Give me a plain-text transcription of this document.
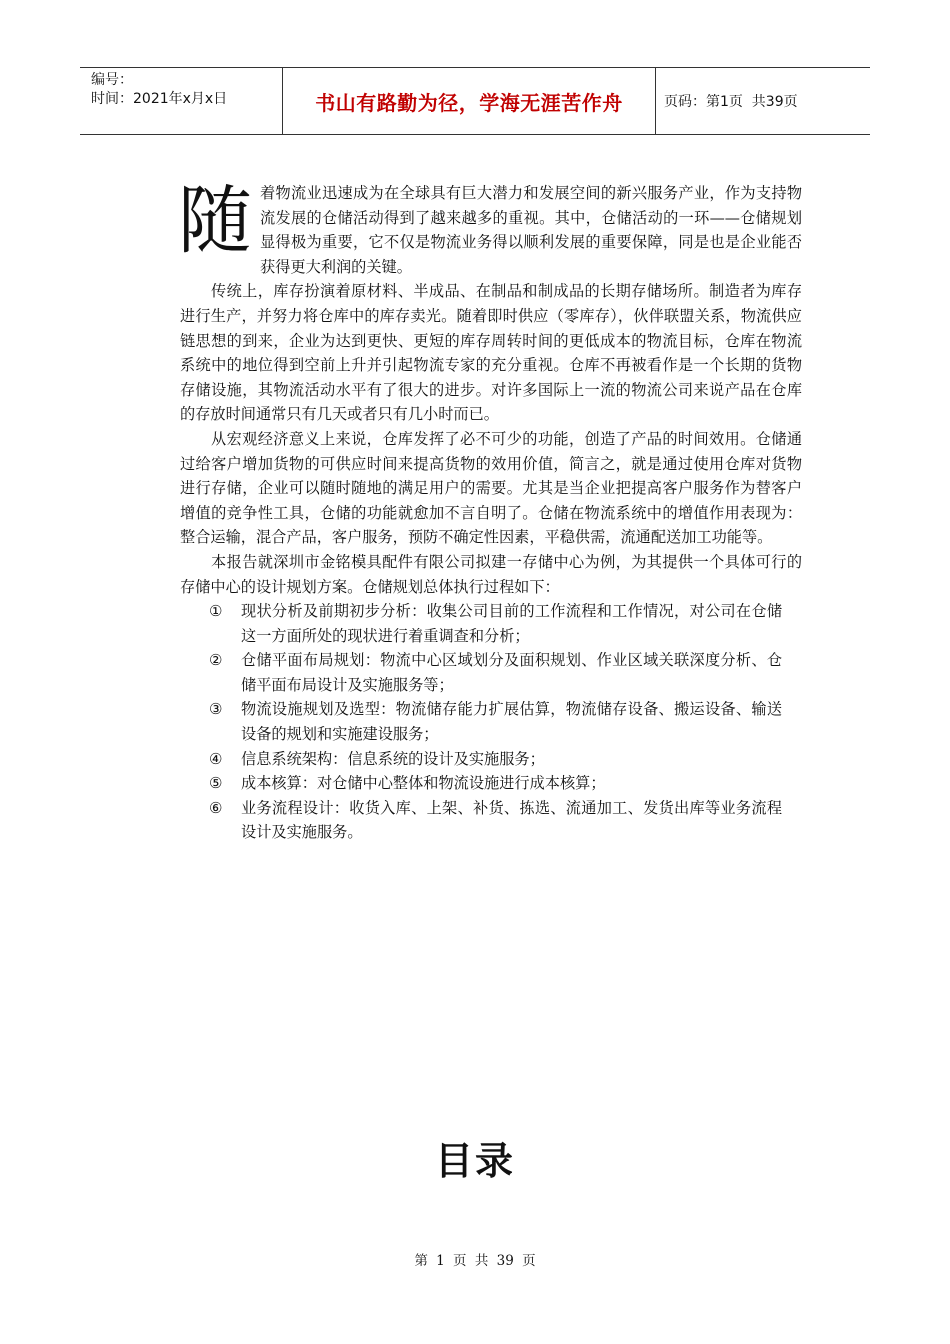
编号：
时间：2021年x月x日	书山有路勤为径，学海无涯苦作舟	页码：第1页  共39页
随着物流业迅速成为在全球具有巨大潜力和发展空间的新兴服务产业，作为支持物流发展的仓储活动得到了越来越多的重视。其中，仓储活动的一环——仓储规划显得极为重要，它不仅是物流业务得以顺利发展的重要保障，同是也是企业能否获得更大利润的关键。

传统上，库存扮演着原材料、半成品、在制品和制成品的长期存储场所。制造者为库存进行生产，并努力将仓库中的库存卖光。随着即时供应（零库存），伙伴联盟关系，物流供应链思想的到来，企业为达到更快、更短的库存周转时间的更低成本的物流目标，仓库在物流系统中的地位得到空前上升并引起物流专家的充分重视。仓库不再被看作是一个长期的货物存储设施，其物流活动水平有了很大的进步。对许多国际上一流的物流公司来说产品在仓库的存放时间通常只有几天或者只有几小时而已。

从宏观经济意义上来说，仓库发挥了必不可少的功能，创造了产品的时间效用。仓储通过给客户增加货物的可供应时间来提高货物的效用价值，简言之，就是通过使用仓库对货物进行存储，企业可以随时随地的满足用户的需要。尤其是当企业把提高客户服务作为替客户增值的竞争性工具，仓储的功能就愈加不言自明了。仓储在物流系统中的增值作用表现为：整合运输，混合产品，客户服务，预防不确定性因素，平稳供需，流通配送加工功能等。

本报告就深圳市金铭模具配件有限公司拟建一存储中心为例，为其提供一个具体可行的存储中心的设计规划方案。仓储规划总体执行过程如下：

① 现状分析及前期初步分析：收集公司目前的工作流程和工作情况，对公司在仓储这一方面所处的现状进行着重调查和分析；
② 仓储平面布局规划：物流中心区域划分及面积规划、作业区域关联深度分析、仓储平面布局设计及实施服务等；
③ 物流设施规划及选型：物流储存能力扩展估算，物流储存设备、搬运设备、输送设备的规划和实施建设服务；
④ 信息系统架构：信息系统的设计及实施服务；
⑤ 成本核算：对仓储中心整体和物流设施进行成本核算；
⑥ 业务流程设计：收货入库、上架、补货、拣选、流通加工、发货出库等业务流程设计及实施服务。
目录
第 1 页 共 39 页
